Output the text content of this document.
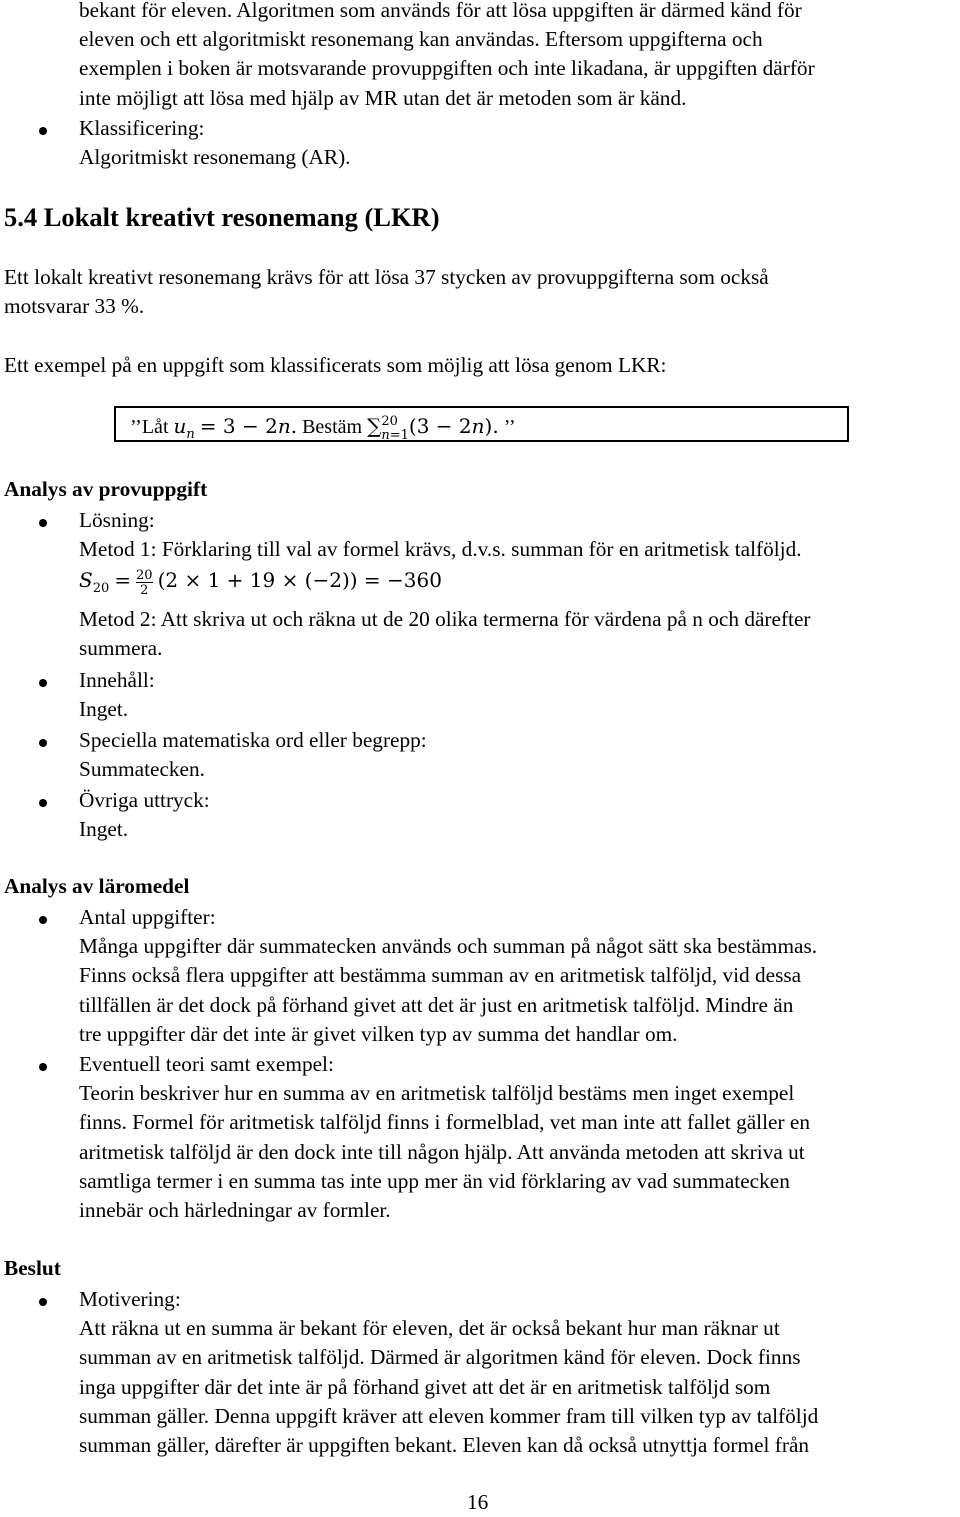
bekant för eleven. Algoritmen som används för att lösa uppgiften är därmed känd för
eleven och ett algoritmiskt resonemang kan användas. Eftersom uppgifterna och
exemplen i boken är motsvarande provuppgiften och inte likadana, är uppgiften därför
inte möjligt att lösa med hjälp av MR utan det är metoden som är känd.
Klassificering:
Algoritmiskt resonemang (AR).
5.4 Lokalt kreativt resonemang (LKR)
Ett lokalt kreativt resonemang krävs för att lösa 37 stycken av provuppgifterna som också
motsvarar 33 %.
Ett exempel på en uppgift som klassificerats som möjlig att lösa genom LKR:
’’Låt $u_n = 3 - 2n$. Bestäm ∑20
n=1(3 − 2n). ’’
Analys av provuppgift
Lösning:
Metod 1: Förklaring till val av formel krävs, d.v.s. summan för en aritmetisk talföljd.
$S_{20} = \frac{20}{2} (2 \times 1 + 19 \times (-2)) = -360$
Metod 2: Att skriva ut och räkna ut de 20 olika termerna för värdena på n och därefter
summera.
Innehåll:
Inget.
Speciella matematiska ord eller begrepp:
Summatecken.
Övriga uttryck:
Inget.
Analys av läromedel
Antal uppgifter:
Många uppgifter där summatecken används och summan på något sätt ska bestämmas.
Finns också flera uppgifter att bestämma summan av en aritmetisk talföljd, vid dessa
tillfällen är det dock på förhand givet att det är just en aritmetisk talföljd. Mindre än
tre uppgifter där det inte är givet vilken typ av summa det handlar om.
Eventuell teori samt exempel:
Teorin beskriver hur en summa av en aritmetisk talföljd bestäms men inget exempel
finns. Formel för aritmetisk talföljd finns i formelblad, vet man inte att fallet gäller en
aritmetisk talföljd är den dock inte till någon hjälp. Att använda metoden att skriva ut
samtliga termer i en summa tas inte upp mer än vid förklaring av vad summatecken
innebär och härledningar av formler.
Beslut
Motivering:
Att räkna ut en summa är bekant för eleven, det är också bekant hur man räknar ut
summan av en aritmetisk talföljd. Därmed är algoritmen känd för eleven. Dock finns
inga uppgifter där det inte är på förhand givet att det är en aritmetisk talföljd som
summan gäller. Denna uppgift kräver att eleven kommer fram till vilken typ av talföljd
summan gäller, därefter är uppgiften bekant. Eleven kan då också utnyttja formel från
16
